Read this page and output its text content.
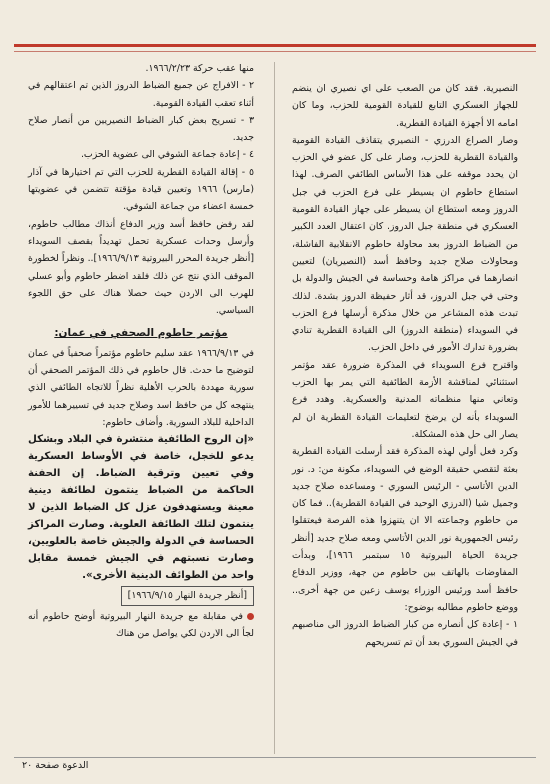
النصيرية. فقد كان من الصعب على اي نصيري ان ينضم للجهاز العسكري التابع للقيادة القومية للحزب، وما كان امامه الا أجهزة القيادة القطرية.

وصار الصراع الدرزي - النصيري يتقاذف القيادة القومية والقيادة القطرية للحزب، وصار على كل عضو في الحزب ان يحدد موقفه على هذا الأساس الطائفي الصرف. لهذا استطاع حاطوم ان يسيطر على فرع الحزب في جبل الدروز ومعه استطاع ان يسيطر على جهاز القيادة القومية العسكري في منطقة جبل الدروز. كان اعتقال العدد الكبير من الضباط الدروز بعد محاولة حاطوم الانقلابية الفاشلة، ومحاولات صلاح جديد وحافظ أسد (النصيريان) لتعيين انصارهما في مراكز هامة وحساسة في الجيش والدولة بل وحتى في جبل الدروز، قد أثار حفيظة الدروز بشدة. لذلك تبدت هذه المشاعر من خلال مذكرة أرسلها فرع الحزب في السويداء (منطقة الدروز) الى القيادة القطرية تنادي بضرورة تدارك الأمور في داخل الحزب.

واقترح فرع السويداء في المذكرة ضرورة عقد مؤتمر استثنائي لمناقشة الأزمة الطائفية التي يمر بها الحزب وتعاني منها منظماته المدنية والعسكرية. وهدد فرع السويداء بأنه لن يرضخ لتعليمات القيادة القطرية ان لم يصار الى حل هذه المشكلة.

وكرد فعل أولي لهذه المذكرة فقد أرسلت القيادة القطرية بعثة لتقصي حقيقة الوضع في السويداء، مكونة من: د. نور الدين الأتاسي - الرئيس السوري - ومساعده صلاح جديد وجميل شيا (الدرزي الوحيد في القيادة القطرية).. فما كان من حاطوم وجماعته الا ان يتنهزوا هذه الفرصة فيعتقلوا رئيس الجمهورية نور الدين الأتاسي ومعه صلاح جديد [أنظر جريدة الحياة البيروتية ١٥ سبتمبر ١٩٦٦]، وبدأت المفاوضات بالهاتف بين حاطوم من جهة، ووزير الدفاع حافظ أسد ورئيس الوزراء يوسف زعين من جهة أخرى.. ووضع حاطوم مطالبه بوضوح:

١ - إعادة كل أنصاره من كبار الضباط الدروز الى مناصبهم في الجيش السوري بعد أن تم تسريحهم

منها عقب حركة ١٩٦٦/٢/٢٣.

٢ - الافراج عن جميع الضباط الدروز الذين تم اعتقالهم في أثناء تعقب القيادة القومية.

٣ - تسريح بعض كبار الضباط النصيريين من أنصار صلاح جديد.

٤ - إعادة جماعة الشوفي الى عضوية الحزب.

٥ - إقالة القيادة القطرية للحزب التي تم اختيارها في آذار (مارس) ١٩٦٦ وتعيين قيادة مؤقتة تتضمن في عضويتها خمسة اعضاء من جماعة الشوفي.

لقد رفض حافظ أسد وزير الدفاع أنذاك مطالب حاطوم، وأرسل وحدات عسكرية تحمل تهديداً بقصف السويداء [أنظر جريدة المحرر البيروتية ١٩٦٦/٩/١٣].. ونظراً لخطورة الموقف الذي نتج عن ذلك فلقد اضطر حاطوم وأبو عسلي للهرب الى الاردن حيث حصلا هناك على حق اللجوء السياسي.

مؤتمر حاطوم الصحفي في عمان:

في ١٩٦٦/٩/١٣ عقد سليم حاطوم مؤتمراً صحفياً في عمان لتوضيح ما حدث. قال حاطوم في ذلك المؤتمر الصحفي أن سورية مهددة بالحرب الأهلية نظراً للاتجاه الطائفي الذي ينتهجه كل من حافظ اسد وصلاح جديد في تسييرهما للأمور الداخلية للبلاد السورية. وأضاف حاطوم:

«إن الروح الطائفية منتشرة في البلاد وبشكل يدعو للخجل، خاصة في الأوساط العسكرية وفي تعيين وترقية الضباط. إن الحفنة الحاكمة من الضباط ينتمون لطائفة دينية معينة ويستهدفون عزل كل الضباط الذين لا ينتمون لتلك الطائفة العلوية. وصارت المراكز الحساسة في الدولة والجيش خاصة بالعلويين، وصارت نسبتهم في الجيش خمسة مقابل واحد من الطوائف الدينية الأخرى».

[أنظر جريدة النهار ١٩٦٦/٩/١٥]

في مقابلة مع جريدة النهار البيروتية أوضح حاطوم أنه لجأ الى الاردن لكي يواصل من هناك

الدعوة صفحة ٢٠
